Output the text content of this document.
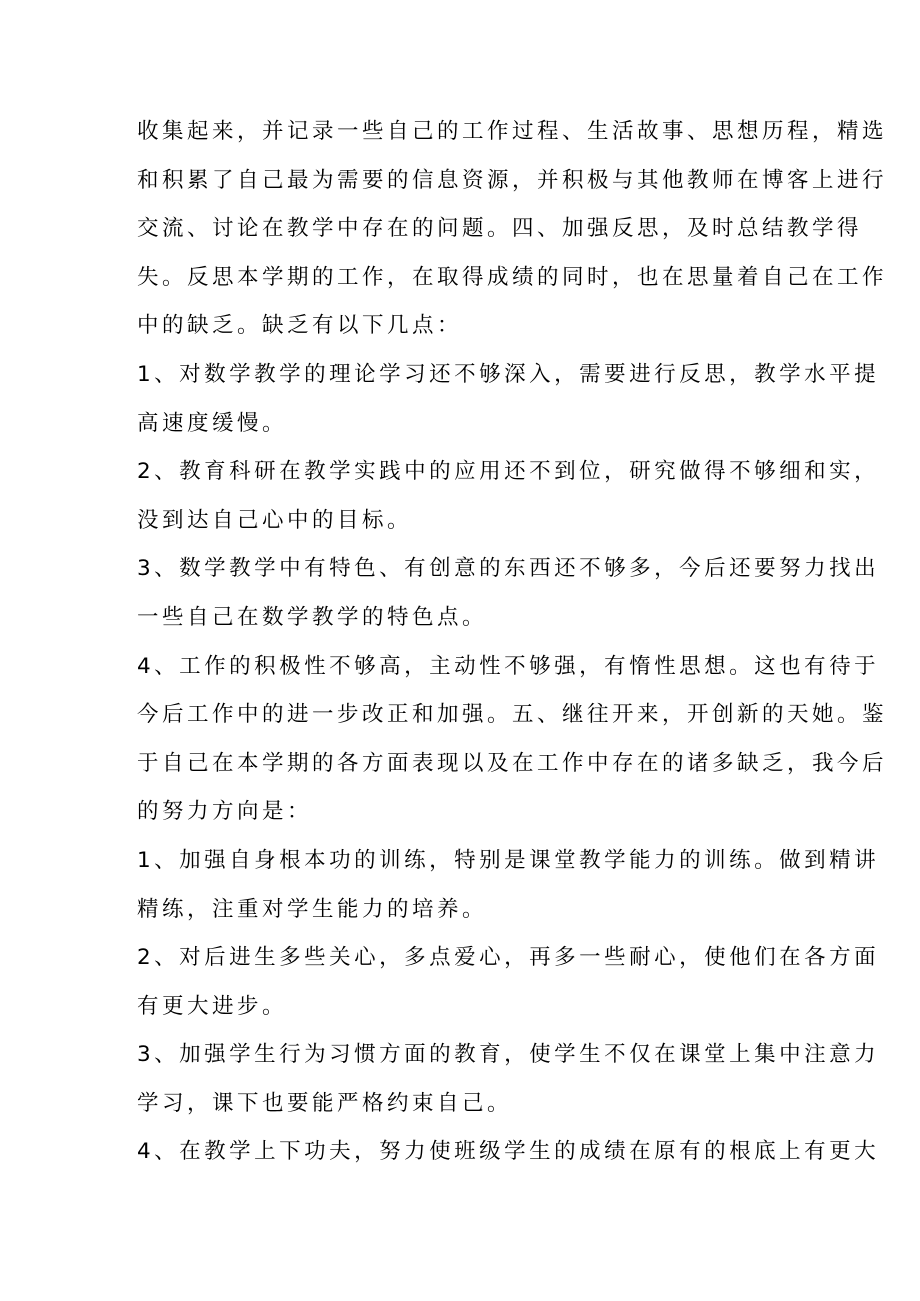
收集起来，并记录一些自己的工作过程、生活故事、思想历程，精选
和积累了自己最为需要的信息资源，并积极与其他教师在博客上进行
交流、讨论在教学中存在的问题。四、加强反思，及时总结教学得
失。反思本学期的工作，在取得成绩的同时，也在思量着自己在工作
中的缺乏。缺乏有以下几点：
1、对数学教学的理论学习还不够深入，需要进行反思，教学水平提
高速度缓慢。
2、教育科研在教学实践中的应用还不到位，研究做得不够细和实，
没到达自己心中的目标。
3、数学教学中有特色、有创意的东西还不够多，今后还要努力找出
一些自己在数学教学的特色点。
4、工作的积极性不够高，主动性不够强，有惰性思想。这也有待于
今后工作中的进一步改正和加强。五、继往开来，开创新的天她。鉴
于自己在本学期的各方面表现以及在工作中存在的诸多缺乏，我今后
的努力方向是：
1、加强自身根本功的训练，特别是课堂教学能力的训练。做到精讲
精练，注重对学生能力的培养。
2、对后进生多些关心，多点爱心，再多一些耐心，使他们在各方面
有更大进步。
3、加强学生行为习惯方面的教育，使学生不仅在课堂上集中注意力
学习，课下也要能严格约束自己。
4、在教学上下功夫，努力使班级学生的成绩在原有的根底上有更大
